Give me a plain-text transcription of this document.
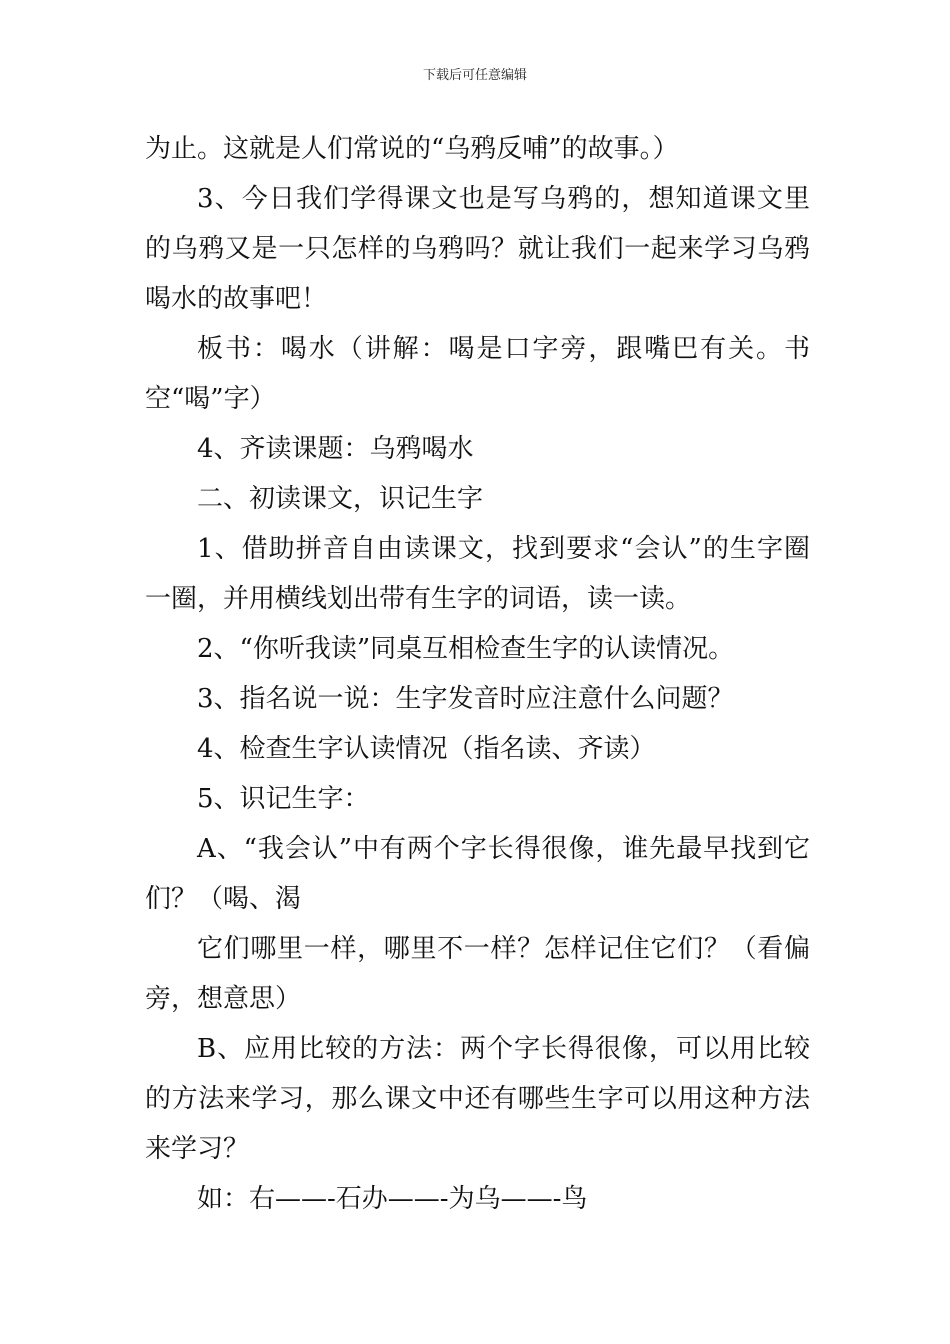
下载后可任意编辑

为止。这就是人们常说的“乌鸦反哺”的故事。）

3、今日我们学得课文也是写乌鸦的，想知道课文里的乌鸦又是一只怎样的乌鸦吗？就让我们一起来学习乌鸦喝水的故事吧！

板书：喝水（讲解：喝是口字旁，跟嘴巴有关。书空“喝”字）

4、齐读课题：乌鸦喝水

二、初读课文，识记生字

1、借助拼音自由读课文，找到要求“会认”的生字圈一圈，并用横线划出带有生字的词语，读一读。

2、“你听我读”同桌互相检查生字的认读情况。

3、指名说一说：生字发音时应注意什么问题？

4、检查生字认读情况（指名读、齐读）

5、识记生字：

A、“我会认”中有两个字长得很像，谁先最早找到它们？（喝、渴

它们哪里一样，哪里不一样？怎样记住它们？（看偏旁，想意思）

B、应用比较的方法：两个字长得很像，可以用比较的方法来学习，那么课文中还有哪些生字可以用这种方法来学习？

如：右——-石办——-为乌——-鸟
